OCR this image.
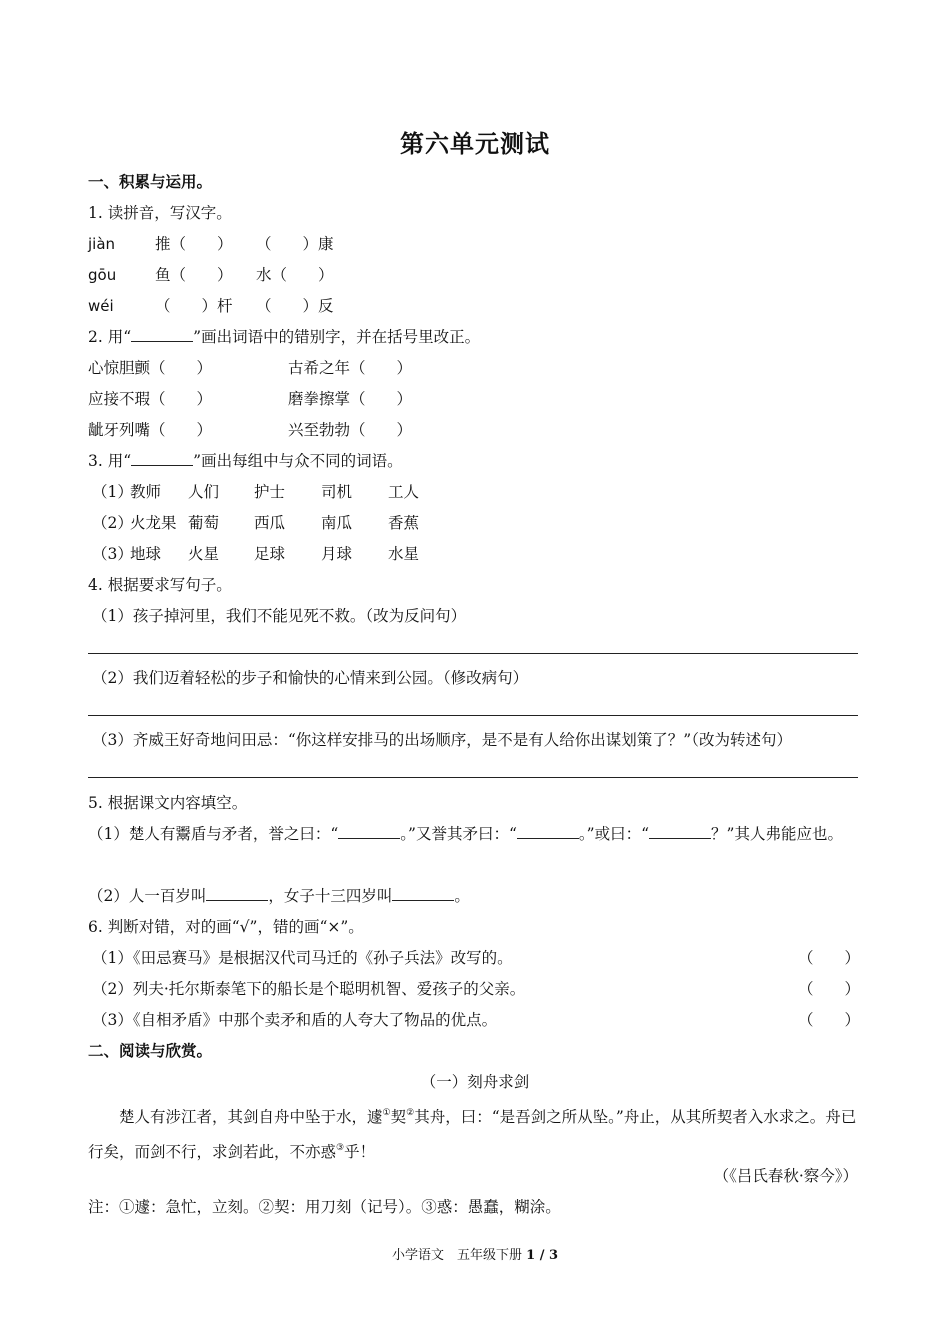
第六单元测试
一、积累与运用。
1. 读拼音，写汉字。
jiàn	推（　　） （　　）康
gōu	鱼（　　） 水（　　）
wéi	（　　）杆 （　　）反
2. 用“	”画出词语中的错别字，并在括号里改正。
心惊胆颤（　　）	古希之年（　　）
应接不瑕（　　）	磨拳擦掌（　　）
龇牙列嘴（　　）	兴至勃勃（　　）
3. 用“	”画出每组中与众不同的词语。
（1）
教师 人们 护士 司机 工人
（2）
火龙果 葡萄 西瓜 南瓜 香蕉
（3）
地球 火星 足球 月球 水星
4. 根据要求写句子。
（1）孩子掉河里，我们不能见死不救。（改为反问句）
（2）我们迈着轻松的步子和愉快的心情来到公园。（修改病句）
（3）齐威王好奇地问田忌：“你这样安排马的出场顺序，是不是有人给你出谋划策了？”（改为转述句）
5. 根据课文内容填空。
（1）楚人有鬻盾与矛者，誉之曰：“	。”又誉其矛曰：“	。”或曰：“	？”其人弗能应也。
（2）人一百岁叫	，女子十三四岁叫	。
6. 判断对错，对的画“√”，错的画“×”。
（1）《田忌赛马》是根据汉代司马迁的《孙子兵法》改写的。	（　　）
（2）列夫·托尔斯泰笔下的船长是个聪明机智、爱孩子的父亲。	（　　）
（3）《自相矛盾》中那个卖矛和盾的人夸大了物品的优点。	（　　）
二、阅读与欣赏。
（一）刻舟求剑
楚人有涉江者，其剑自舟中坠于水，遽①契②其舟，曰：“是吾剑之所从坠。”舟止，从其所契者入水求之。舟已行矣，而剑不行，求剑若此，不亦惑③乎！
（《吕氏春秋·察今》）
注：①遽：急忙，立刻。②契：用刀刻（记号）。③惑：愚蠢，糊涂。
小学语文　五年级下册 1 / 3
